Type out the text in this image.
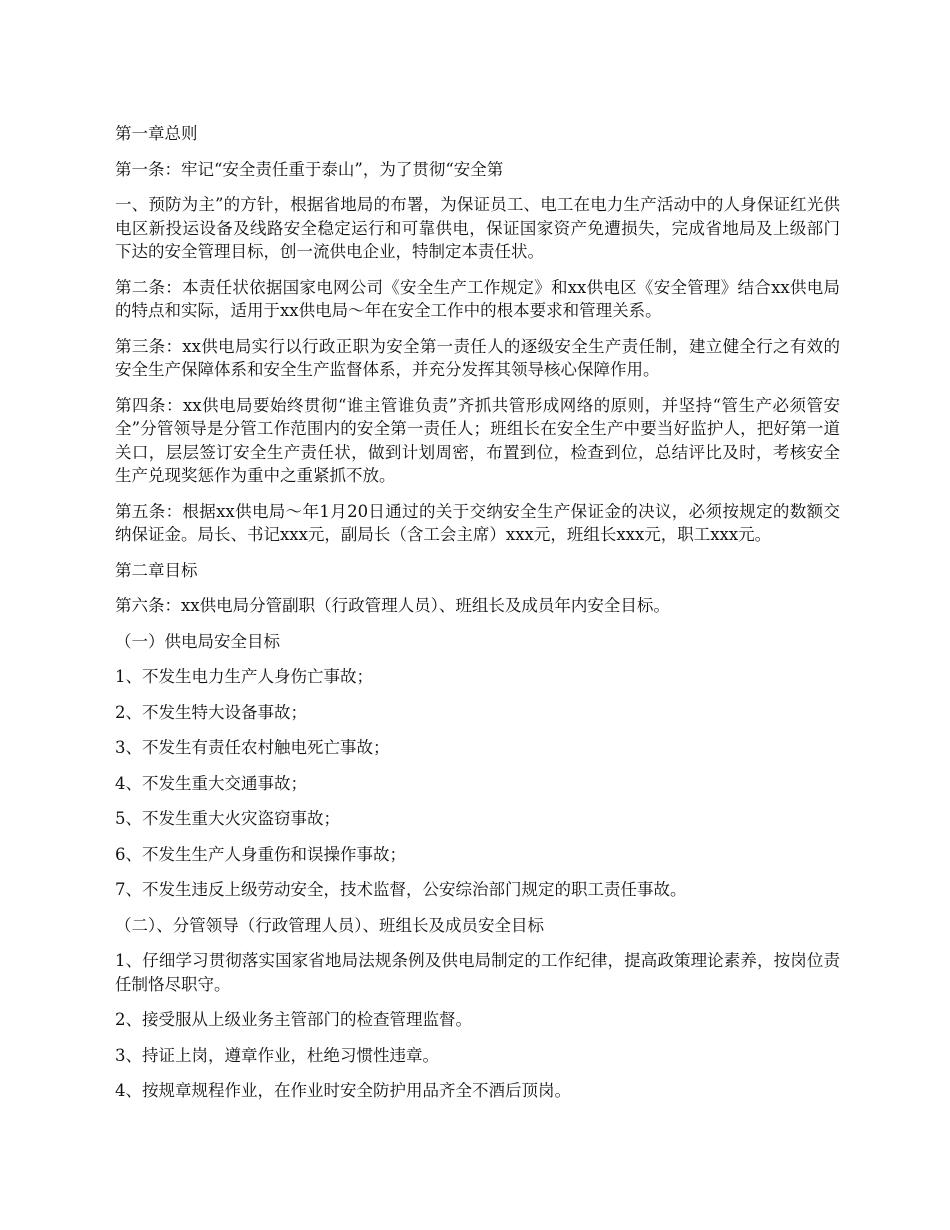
第一章总则

第一条：牢记“安全责任重于泰山”，为了贯彻“安全第

一、预防为主”的方针，根据省地局的布署，为保证员工、电工在电力生产活动中的人身保证红光供电区新投运设备及线路安全稳定运行和可靠供电，保证国家资产免遭损失，完成省地局及上级部门下达的安全管理目标，创一流供电企业，特制定本责任状。

第二条：本责任状依据国家电网公司《安全生产工作规定》和xx供电区《安全管理》结合xx供电局的特点和实际，适用于xx供电局～年在安全工作中的根本要求和管理关系。

第三条：xx供电局实行以行政正职为安全第一责任人的逐级安全生产责任制，建立健全行之有效的安全生产保障体系和安全生产监督体系，并充分发挥其领导核心保障作用。

第四条：xx供电局要始终贯彻“谁主管谁负责”齐抓共管形成网络的原则，并坚持“管生产必须管安全”分管领导是分管工作范围内的安全第一责任人；班组长在安全生产中要当好监护人，把好第一道关口，层层签订安全生产责任状，做到计划周密，布置到位，检查到位，总结评比及时，考核安全生产兑现奖惩作为重中之重紧抓不放。

第五条：根据xx供电局～年1月20日通过的关于交纳安全生产保证金的决议，必须按规定的数额交纳保证金。局长、书记xxx元，副局长（含工会主席）xxx元，班组长xxx元，职工xxx元。

第二章目标

第六条：xx供电局分管副职（行政管理人员）、班组长及成员年内安全目标。

（一）供电局安全目标

1、不发生电力生产人身伤亡事故；

2、不发生特大设备事故；

3、不发生有责任农村触电死亡事故；

4、不发生重大交通事故；

5、不发生重大火灾盗窃事故；

6、不发生生产人身重伤和误操作事故；

7、不发生违反上级劳动安全，技术监督，公安综治部门规定的职工责任事故。

（二）、分管领导（行政管理人员）、班组长及成员安全目标

1、仔细学习贯彻落实国家省地局法规条例及供电局制定的工作纪律，提高政策理论素养，按岗位责任制恪尽职守。

2、接受服从上级业务主管部门的检查管理监督。

3、持证上岗，遵章作业，杜绝习惯性违章。

4、按规章规程作业，在作业时安全防护用品齐全不酒后顶岗。
